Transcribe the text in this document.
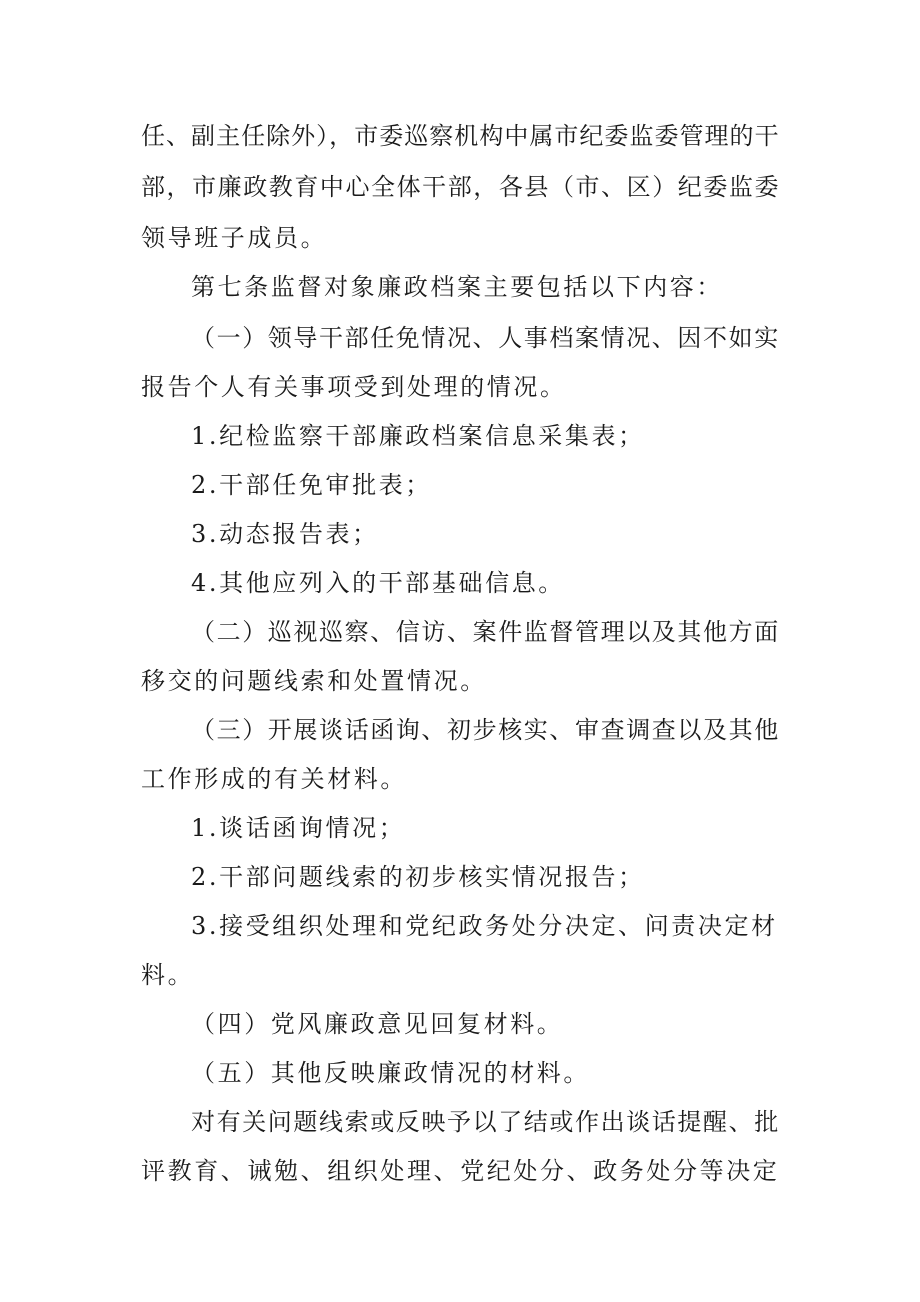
任、副主任除外），市委巡察机构中属市纪委监委管理的干
部，市廉政教育中心全体干部，各县（市、区）纪委监委
领导班子成员。
第七条监督对象廉政档案主要包括以下内容：
（一）领导干部任免情况、人事档案情况、因不如实
报告个人有关事项受到处理的情况。
1.纪检监察干部廉政档案信息采集表；
2.干部任免审批表；
3.动态报告表；
4.其他应列入的干部基础信息。
（二）巡视巡察、信访、案件监督管理以及其他方面
移交的问题线索和处置情况。
（三）开展谈话函询、初步核实、审查调查以及其他
工作形成的有关材料。
1.谈话函询情况；
2.干部问题线索的初步核实情况报告；
3.接受组织处理和党纪政务处分决定、问责决定材
料。
（四）党风廉政意见回复材料。
（五）其他反映廉政情况的材料。
对有关问题线索或反映予以了结或作出谈话提醒、批
评教育、诫勉、组织处理、党纪处分、政务处分等决定
